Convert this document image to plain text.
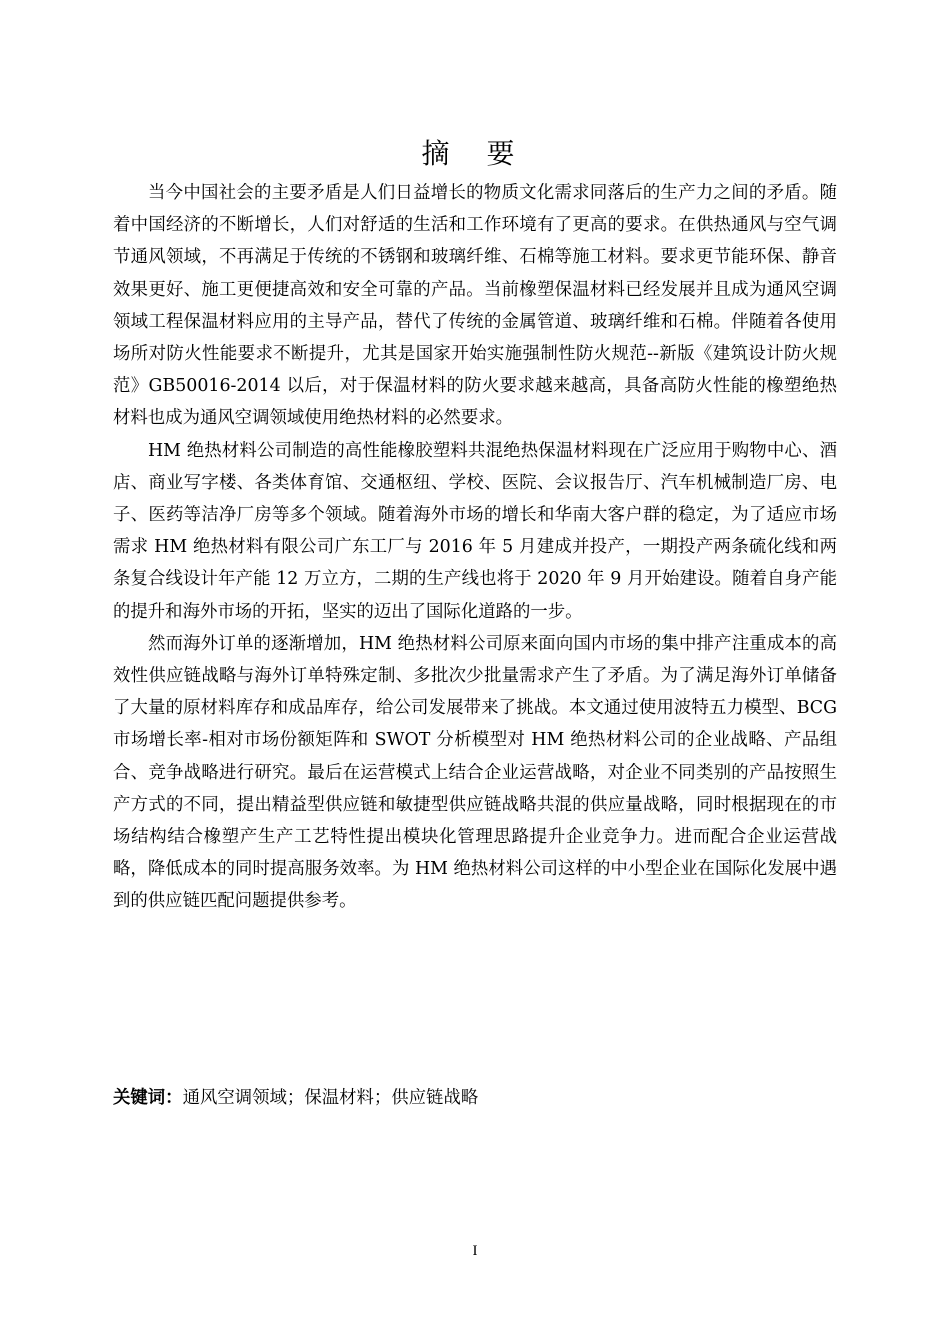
摘 要

当今中国社会的主要矛盾是人们日益增长的物质文化需求同落后的生产力之间的矛盾。随着中国经济的不断增长，人们对舒适的生活和工作环境有了更高的要求。在供热通风与空气调节通风领域，不再满足于传统的不锈钢和玻璃纤维、石棉等施工材料。要求更节能环保、静音效果更好、施工更便捷高效和安全可靠的产品。当前橡塑保温材料已经发展并且成为通风空调领域工程保温材料应用的主导产品，替代了传统的金属管道、玻璃纤维和石棉。伴随着各使用场所对防火性能要求不断提升，尤其是国家开始实施强制性防火规范--新版《建筑设计防火规范》GB50016-2014 以后，对于保温材料的防火要求越来越高，具备高防火性能的橡塑绝热材料也成为通风空调领域使用绝热材料的必然要求。

HM 绝热材料公司制造的高性能橡胶塑料共混绝热保温材料现在广泛应用于购物中心、酒店、商业写字楼、各类体育馆、交通枢纽、学校、医院、会议报告厅、汽车机械制造厂房、电子、医药等洁净厂房等多个领域。随着海外市场的增长和华南大客户群的稳定，为了适应市场需求 HM 绝热材料有限公司广东工厂与 2016 年 5 月建成并投产，一期投产两条硫化线和两条复合线设计年产能 12 万立方，二期的生产线也将于 2020 年 9 月开始建设。随着自身产能的提升和海外市场的开拓，坚实的迈出了国际化道路的一步。

然而海外订单的逐渐增加，HM 绝热材料公司原来面向国内市场的集中排产注重成本的高效性供应链战略与海外订单特殊定制、多批次少批量需求产生了矛盾。为了满足海外订单储备了大量的原材料库存和成品库存，给公司发展带来了挑战。本文通过使用波特五力模型、BCG 市场增长率-相对市场份额矩阵和 SWOT 分析模型对 HM 绝热材料公司的企业战略、产品组合、竞争战略进行研究。最后在运营模式上结合企业运营战略，对企业不同类别的产品按照生产方式的不同，提出精益型供应链和敏捷型供应链战略共混的供应量战略，同时根据现在的市场结构结合橡塑产生产工艺特性提出模块化管理思路提升企业竞争力。进而配合企业运营战略，降低成本的同时提高服务效率。为 HM 绝热材料公司这样的中小型企业在国际化发展中遇到的供应链匹配问题提供参考。

关键词：通风空调领域；保温材料；供应链战略
I
